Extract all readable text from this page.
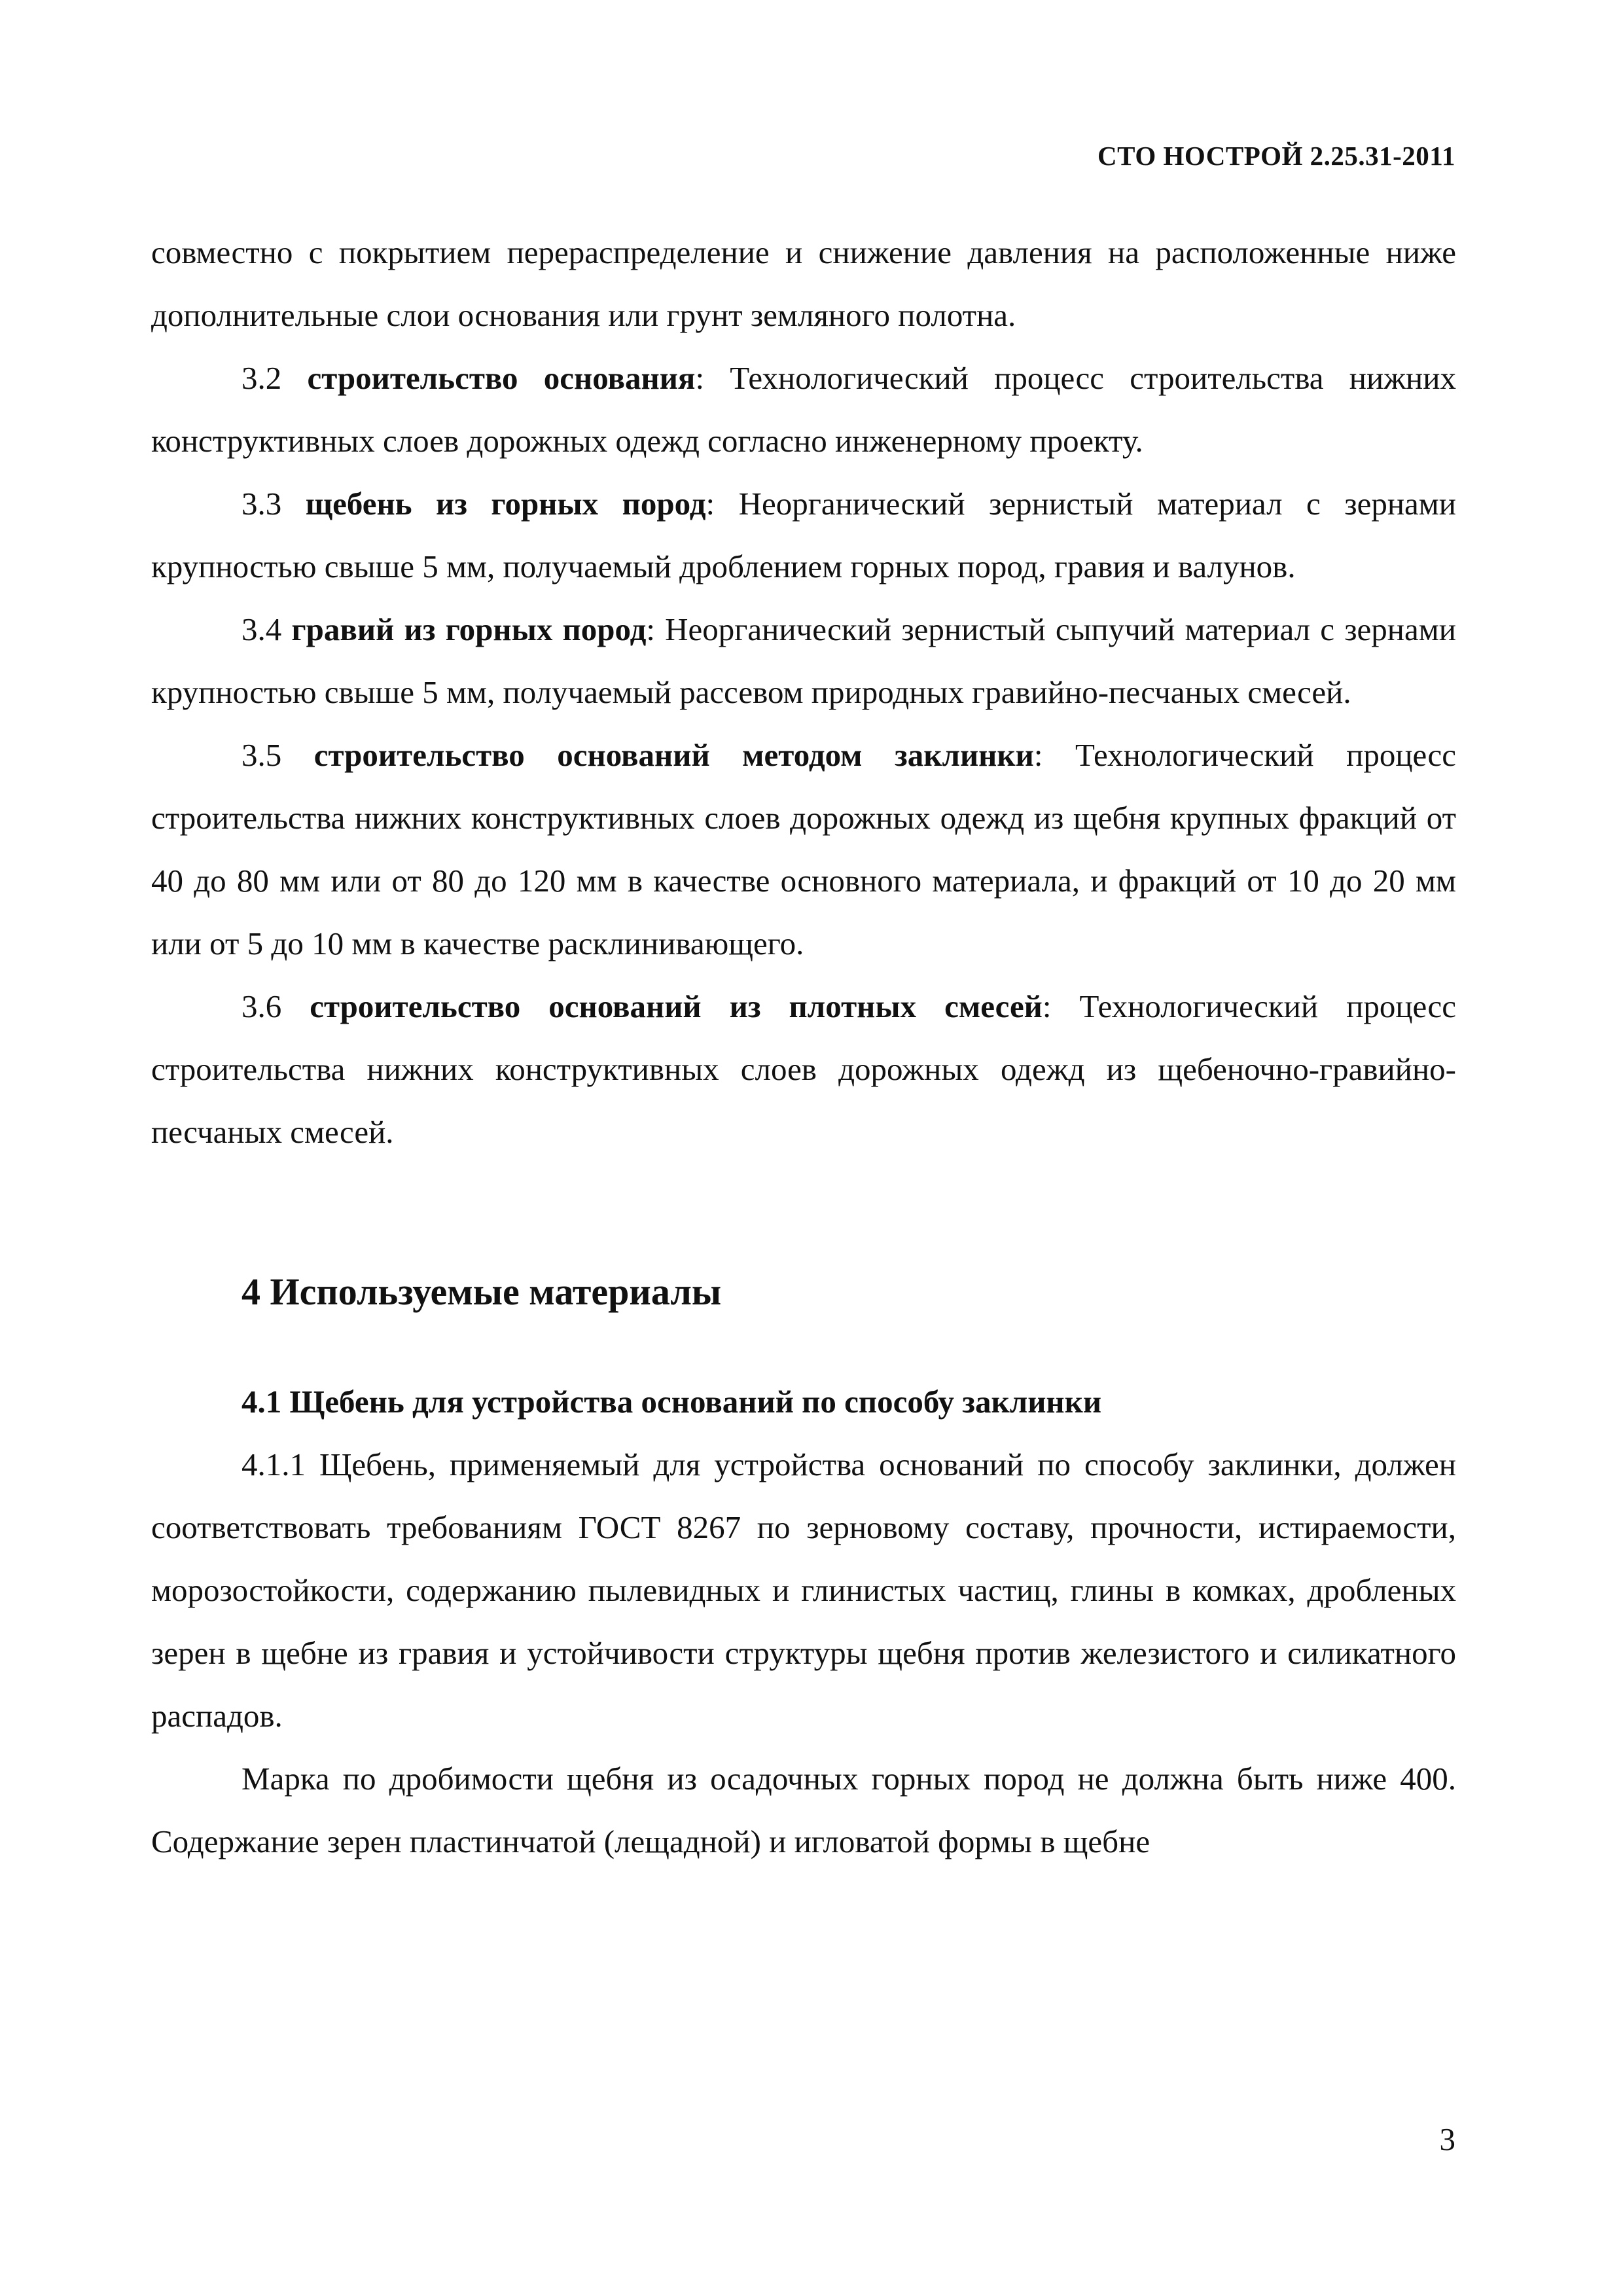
СТО НОСТРОЙ 2.25.31-2011

совместно с покрытием перераспределение и снижение давления на расположенные ниже дополнительные слои основания или грунт земляного полотна.

3.2 строительство основания: Технологический процесс строительства нижних конструктивных слоев дорожных одежд согласно инженерному проекту.

3.3 щебень из горных пород: Неорганический зернистый материал с зернами крупностью свыше 5 мм, получаемый дроблением горных пород, гравия и валунов.

3.4 гравий из горных пород: Неорганический зернистый сыпучий материал с зернами крупностью свыше 5 мм, получаемый рассевом природных гравийно-песчаных смесей.

3.5 строительство оснований методом заклинки: Технологический процесс строительства нижних конструктивных слоев дорожных одежд из щебня крупных фракций от 40 до 80 мм или от 80 до 120 мм в качестве основного материала, и фракций от 10 до 20 мм или от 5 до 10 мм в качестве расклинивающего.

3.6 строительство оснований из плотных смесей: Технологический процесс строительства нижних конструктивных слоев дорожных одежд из щебеночно-гравийно-песчаных смесей.

4 Используемые материалы
4.1 Щебень для устройства оснований по способу заклинки

4.1.1 Щебень, применяемый для устройства оснований по способу заклинки, должен соответствовать требованиям ГОСТ 8267 по зерновому составу, прочности, истираемости, морозостойкости, содержанию пылевидных и глинистых частиц, глины в комках, дробленых зерен в щебне из гравия и устойчивости структуры щебня против железистого и силикатного распадов.

Марка по дробимости щебня из осадочных горных пород не должна быть ниже 400. Содержание зерен пластинчатой (лещадной) и игловатой формы в щебне

3
